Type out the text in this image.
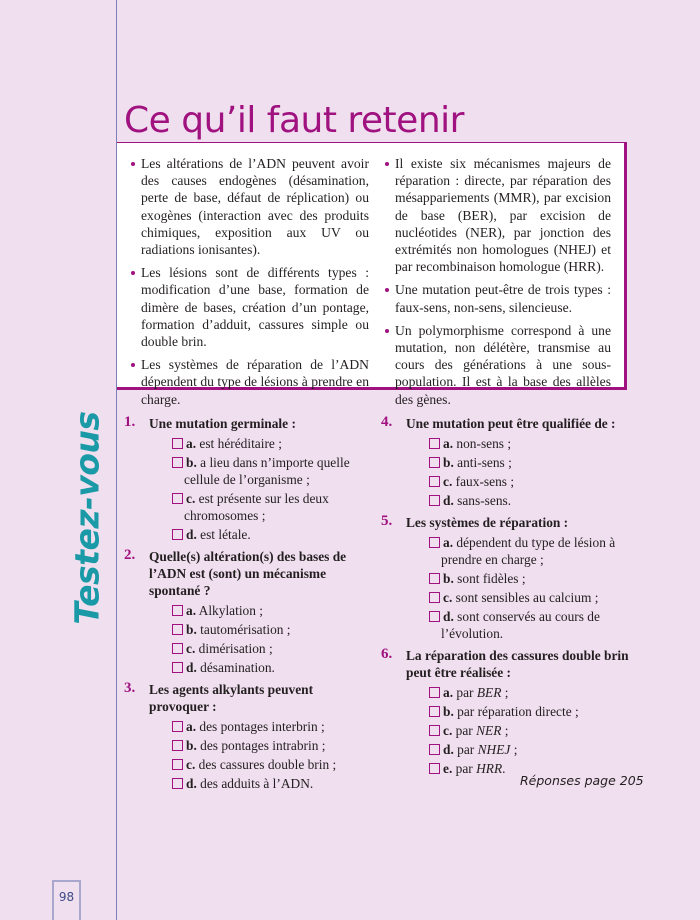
Ce qu’il faut retenir

Les altérations de l’ADN peuvent avoir des causes endogènes (désamination, perte de base, défaut de réplication) ou exogènes (interaction avec des produits chimiques, exposition aux UV ou radiations ionisantes).

Les lésions sont de différents types : modification d’une base, formation de dimère de bases, création d’un pontage, formation d’adduit, cassures simple ou double brin.

Les systèmes de réparation de l’ADN dépendent du type de lésions à prendre en charge.

Il existe six mécanismes majeurs de réparation : directe, par réparation des mésappariements (MMR), par excision de base (BER), par excision de nucléotides (NER), par jonction des extrémités non homologues (NHEJ) et par recombinaison homologue (HRR).

Une mutation peut-être de trois types : faux-sens, non-sens, silencieuse.

Un polymorphisme correspond à une mutation, non délétère, transmise au cours des générations à une sous-population. Il est à la base des allèles des gènes.

Testez-vous 1. Une mutation germinale :
a. est héréditaire ;
b. a lieu dans n’importe quelle cellule de l’organisme ;
c. est présente sur les deux chromosomes ;
d. est létale.
2. Quelle(s) altération(s) des bases de l’ADN est (sont) un mécanisme spontané ?
a. Alkylation ;
b. tautomérisation ;
c. dimérisation ;
d. désamination.
3. Les agents alkylants peuvent provoquer :
a. des pontages interbrin ;
b. des pontages intrabrin ;
c. des cassures double brin ;
d. des adduits à l’ADN.
4. Une mutation peut être qualifiée de :
a. non-sens ;
b. anti-sens ;
c. faux-sens ;
d. sans-sens.
5. Les systèmes de réparation :
a. dépendent du type de lésion à prendre en charge ;
b. sont fidèles ;
c. sont sensibles au calcium ;
d. sont conservés au cours de l’évolution.
6. La réparation des cassures double brin peut être réalisée :
a. par BER ;
b. par réparation directe ;
c. par NER ;
d. par NHEJ ;
e. par HRR.
Réponses page 205
98
